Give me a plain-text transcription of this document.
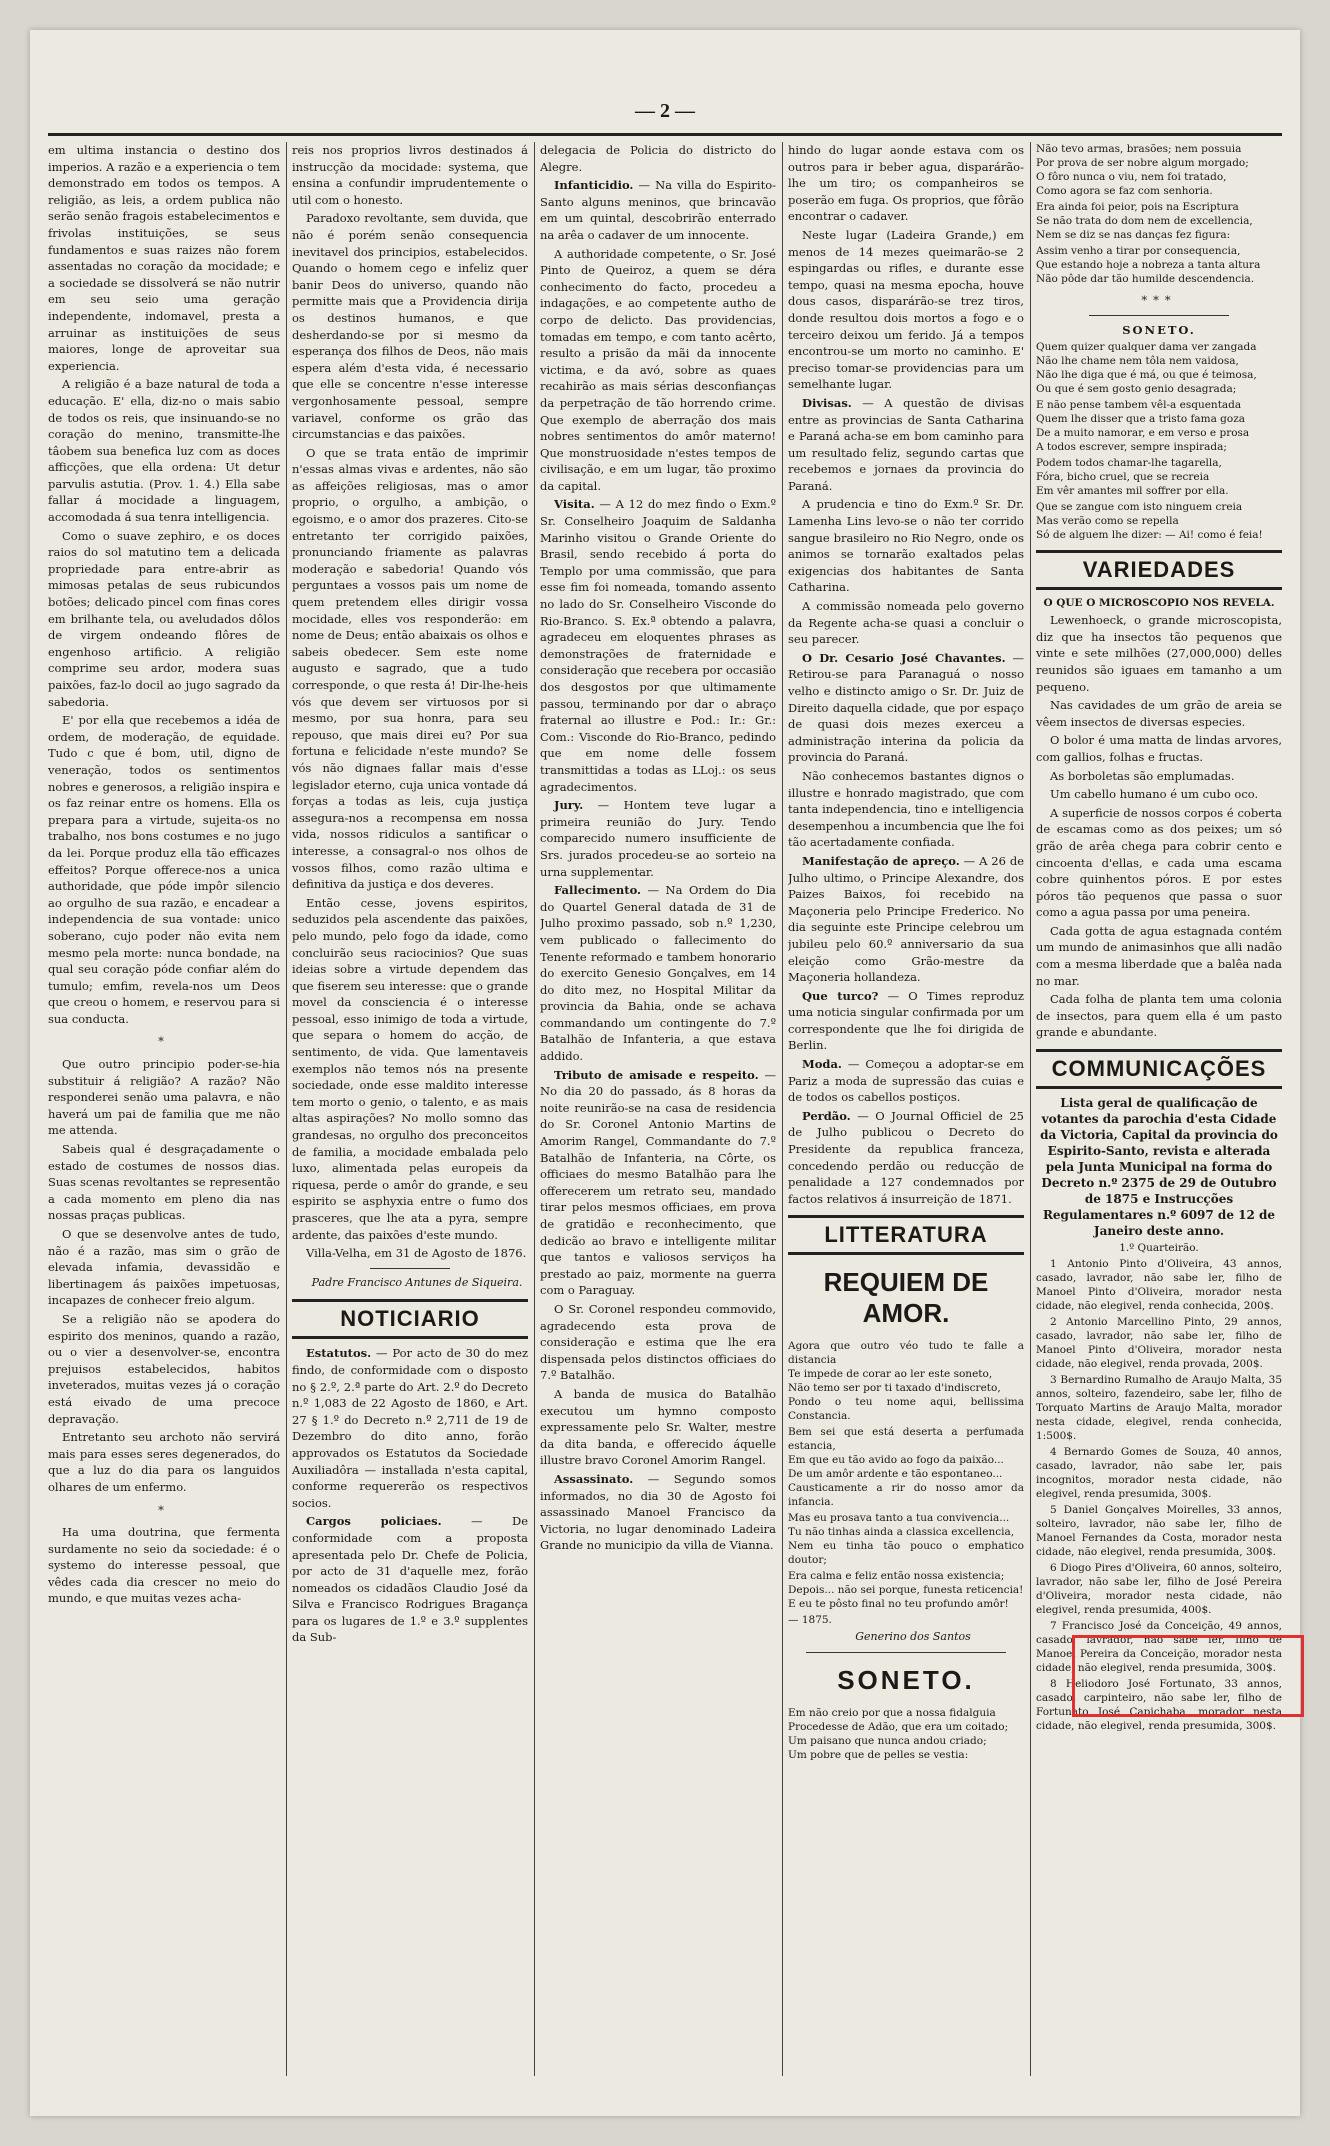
— 2 —

em ultima instancia o destino dos imperios. A razão e a experiencia o tem demonstrado em todos os tempos. A religião, as leis, a ordem publica não serão senão fragois estabelecimentos e frivolas instituições, se seus fundamentos e suas raizes não forem assentadas no coração da mocidade; e a sociedade se dissolverá se não nutrir em seu seio uma geração independente, indomavel, presta a arruinar as instituições de seus maiores, longe de aproveitar sua experiencia.

A religião é a baze natural de toda a educação. E' ella, diz-no o mais sabio de todos os reis, que insinuando-se no coração do menino, transmitte-lhe tâobem sua benefica luz com as doces afficções, que ella ordena: Ut detur parvulis astutia. (Prov. 1. 4.) Ella sabe fallar á mocidade a linguagem, accomodada á sua tenra intelligencia.

Como o suave zephiro, e os doces raios do sol matutino tem a delicada propriedade para entre-abrir as mimosas petalas de seus rubicundos botões; delicado pincel com finas cores em brilhante tela, ou aveludados dôlos de virgem ondeando flôres de engenhoso artificio. A religião comprime seu ardor, modera suas paixões, faz-lo docil ao jugo sagrado da sabedoria.

E' por ella que recebemos a idéa de ordem, de moderação, de equidade. Tudo c que é bom, util, digno de veneração, todos os sentimentos nobres e generosos, a religião inspira e os faz reinar entre os homens. Ella os prepara para a virtude, sujeita-os no trabalho, nos bons costumes e no jugo da lei. Porque produz ella tão efficazes effeitos? Porque offerece-nos a unica authoridade, que póde impôr silencio ao orgulho de sua razão, e encadear a independencia de sua vontade: unico soberano, cujo poder não evita nem mesmo pela morte: nunca bondade, na qual seu coração póde confiar além do tumulo; emfim, revela-nos um Deos que creou o homem, e reservou para si sua conducta.

*

Que outro principio poder-se-hia substituir á religião? A razão? Não responderei senão uma palavra, e não haverá um pai de familia que me não me attenda.

Sabeis qual é desgraçadamente o estado de costumes de nossos dias. Suas scenas revoltantes se representão a cada momento em pleno dia nas nossas praças publicas.

O que se desenvolve antes de tudo, não é a razão, mas sim o grão de elevada infamia, devassidão e libertinagem ás paixões impetuosas, incapazes de conhecer freio algum.

Se a religião não se apodera do espirito dos meninos, quando a razão, ou o vier a desenvolver-se, encontra prejuisos estabelecidos, habitos inveterados, muitas vezes já o coração está eivado de uma precoce depravação.

Entretanto seu archoto não servirá mais para esses seres degenerados, do que a luz do dia para os languidos olhares de um enfermo.

*

Ha uma doutrina, que fermenta surdamente no seio da sociedade: é o systemo do interesse pessoal, que vêdes cada dia crescer no meio do mundo, e que muitas vezes acha-

reis nos proprios livros destinados á instrucção da mocidade: systema, que ensina a confundir imprudentemente o util com o honesto.

Paradoxo revoltante, sem duvida, que não é porém senão consequencia inevitavel dos principios, estabelecidos. Quando o homem cego e infeliz quer banir Deos do universo, quando não permitte mais que a Providencia dirija os destinos humanos, e que desherdando-se por si mesmo da esperança dos filhos de Deos, não mais espera além d'esta vida, é necessario que elle se concentre n'esse interesse vergonhosamente pessoal, sempre variavel, conforme os grão das circumstancias e das paixões.

O que se trata então de imprimir n'essas almas vivas e ardentes, não são as affeições religiosas, mas o amor proprio, o orgulho, a ambição, o egoismo, e o amor dos prazeres. Cito-se entretanto ter corrigido paixões, pronunciando friamente as palavras moderação e sabedoria! Quando vós perguntaes a vossos pais um nome de quem pretendem elles dirigir vossa mocidade, elles vos responderão: em nome de Deus; então abaixais os olhos e sabeis obedecer. Sem este nome augusto e sagrado, que a tudo corresponde, o que resta á! Dir-lhe-heis vós que devem ser virtuosos por si mesmo, por sua honra, para seu repouso, que mais direi eu? Por sua fortuna e felicidade n'este mundo? Se vós não dignaes fallar mais d'esse legislador eterno, cuja unica vontade dá forças a todas as leis, cuja justiça assegura-nos a recompensa em nossa vida, nossos ridiculos a santificar o interesse, a consagral-o nos olhos de vossos filhos, como razão ultima e definitiva da justiça e dos deveres.

Então cesse, jovens espiritos, seduzidos pela ascendente das paixões, pelo mundo, pelo fogo da idade, como concluirão seus raciocinios? Que suas ideias sobre a virtude dependem das que fiserem seu interesse: que o grande movel da consciencia é o interesse pessoal, esso inimigo de toda a virtude, que separa o homem do acção, de sentimento, de vida. Que lamentaveis exemplos não temos nós na presente sociedade, onde esse maldito interesse tem morto o genio, o talento, e as mais altas aspirações? No mollo somno das grandesas, no orgulho dos preconceitos de familia, a mocidade embalada pelo luxo, alimentada pelas europeis da riquesa, perde o amôr do grande, e seu espirito se asphyxia entre o fumo dos prasceres, que lhe ata a pyra, sempre ardente, das paixões d'este mundo.

Villa-Velha, em 31 de Agosto de 1876.

Padre Francisco Antunes de Siqueira.

NOTICIARIO

Estatutos. — Por acto de 30 do mez findo, de conformidade com o disposto no § 2.º, 2.ª parte do Art. 2.º do Decreto n.º 1,083 de 22 Agosto de 1860, e Art. 27 § 1.º do Decreto n.º 2,711 de 19 de Dezembro do dito anno, forão approvados os Estatutos da Sociedade Auxiliadôra — installada n'esta capital, conforme requererão os respectivos socios.

Cargos policiaes. — De conformidade com a proposta apresentada pelo Dr. Chefe de Policia, por acto de 31 d'aquelle mez, forão nomeados os cidadãos Claudio José da Silva e Francisco Rodrigues Bragança para os lugares de 1.º e 3.º supplentes da Sub-

delegacia de Policia do districto do Alegre.

Infanticidio. — Na villa do Espirito-Santo alguns meninos, que brincavão em um quintal, descobrirão enterrado na arêa o cadaver de um innocente.

A authoridade competente, o Sr. José Pinto de Queiroz, a quem se déra conhecimento do facto, procedeu a indagações, e ao competente autho de corpo de delicto. Das providencias, tomadas em tempo, e com tanto acêrto, resulto a prisão da mãi da innocente victima, e da avó, sobre as quaes recahirão as mais sérias desconfianças da perpetração de tão horrendo crime. Que exemplo de aberração dos mais nobres sentimentos do amôr materno! Que monstruosidade n'estes tempos de civilisação, e em um lugar, tão proximo da capital.

Visita. — A 12 do mez findo o Exm.º Sr. Conselheiro Joaquim de Saldanha Marinho visitou o Grande Oriente do Brasil, sendo recebido á porta do Templo por uma commissão, que para esse fim foi nomeada, tomando assento no lado do Sr. Conselheiro Visconde do Rio-Branco. S. Ex.ª obtendo a palavra, agradeceu em eloquentes phrases as demonstrações de fraternidade e consideração que recebera por occasião dos desgostos por que ultimamente passou, terminando por dar o abraço fraternal ao illustre e Pod.: Ir.: Gr.: Com.: Visconde do Rio-Branco, pedindo que em nome delle fossem transmittidas a todas as LLoj.: os seus agradecimentos.

Jury. — Hontem teve lugar a primeira reunião do Jury. Tendo comparecido numero insufficiente de Srs. jurados procedeu-se ao sorteio na urna supplementar.

Fallecimento. — Na Ordem do Dia do Quartel General datada de 31 de Julho proximo passado, sob n.º 1,230, vem publicado o fallecimento do Tenente reformado e tambem honorario do exercito Genesio Gonçalves, em 14 do dito mez, no Hospital Militar da provincia da Bahia, onde se achava commandando um contingente do 7.º Batalhão de Infanteria, a que estava addido.

Tributo de amisade e respeito. — No dia 20 do passado, ás 8 horas da noite reunirão-se na casa de residencia do Sr. Coronel Antonio Martins de Amorim Rangel, Commandante do 7.º Batalhão de Infanteria, na Côrte, os officiaes do mesmo Batalhão para lhe offerecerem um retrato seu, mandado tirar pelos mesmos officiaes, em prova de gratidão e reconhecimento, que dedicão ao bravo e intelligente militar que tantos e valiosos serviços ha prestado ao paiz, mormente na guerra com o Paraguay.

O Sr. Coronel respondeu commovido, agradecendo esta prova de consideração e estima que lhe era dispensada pelos distinctos officiaes do 7.º Batalhão.

A banda de musica do Batalhão executou um hymno composto expressamente pelo Sr. Walter, mestre da dita banda, e offerecido áquelle illustre bravo Coronel Amorim Rangel.

Assassinato. — Segundo somos informados, no dia 30 de Agosto foi assassinado Manoel Francisco da Victoria, no lugar denominado Ladeira Grande no municipio da villa de Vianna.

hindo do lugar aonde estava com os outros para ir beber agua, disparárão-lhe um tiro; os companheiros se poserão em fuga. Os proprios, que fôrão encontrar o cadaver.

Neste lugar (Ladeira Grande,) em menos de 14 mezes queimarão-se 2 espingardas ou rifles, e durante esse tempo, quasi na mesma epocha, houve dous casos, disparárão-se trez tiros, donde resultou dois mortos a fogo e o terceiro deixou um ferido. Já a tempos encontrou-se um morto no caminho. E' preciso tomar-se providencias para um semelhante lugar.

Divisas. — A questão de divisas entre as provincias de Santa Catharina e Paraná acha-se em bom caminho para um resultado feliz, segundo cartas que recebemos e jornaes da provincia do Paraná.

A prudencia e tino do Exm.º Sr. Dr. Lamenha Lins levo-se o não ter corrido sangue brasileiro no Rio Negro, onde os animos se tornarão exaltados pelas exigencias dos habitantes de Santa Catharina.

A commissão nomeada pelo governo da Regente acha-se quasi a concluir o seu parecer.

O Dr. Cesario José Chavantes. — Retirou-se para Paranaguá o nosso velho e distincto amigo o Sr. Dr. Juiz de Direito daquella cidade, que por espaço de quasi dois mezes exerceu a administração interina da policia da provincia do Paraná.

Não conhecemos bastantes dignos o illustre e honrado magistrado, que com tanta independencia, tino e intelligencia desempenhou a incumbencia que lhe foi tão acertadamente confiada.

Manifestação de apreço. — A 26 de Julho ultimo, o Principe Alexandre, dos Paizes Baixos, foi recebido na Maçoneria pelo Principe Frederico. No dia seguinte este Principe celebrou um jubileu pelo 60.º anniversario da sua eleição como Grão-mestre da Maçoneria hollandeza.

Que turco? — O Times reproduz uma noticia singular confirmada por um correspondente que lhe foi dirigida de Berlin.

Moda. — Começou a adoptar-se em Pariz a moda de supressão das cuias e de todos os cabellos postiços.

Perdão. — O Journal Officiel de 25 de Julho publicou o Decreto do Presidente da republica franceza, concedendo perdão ou reducção de penalidade a 127 condemnados por factos relativos á insurreição de 1871.

LITTERATURA
REQUIEM DE AMOR.

Agora que outro véo tudo te falle a distancia
Te impede de corar ao ler este soneto,
Não temo ser por ti taxado d'indiscreto,
Pondo o teu nome aqui, bellissima Constancia.

Bem sei que está deserta a perfumada estancia,
Em que eu tão avido ao fogo da paixão...
De um amôr ardente e tão espontaneo...
Causticamente a rir do nosso amor da infancia.

Mas eu prosava tanto a tua convivencia...
Tu não tinhas ainda a classica excellencia,
Nem eu tinha tão pouco o emphatico doutor;

Era calma e feliz então nossa existencia;
Depois... não sei porque, funesta reticencia!
E eu te pôsto final no teu profundo amôr!

— 1875.

Generino dos Santos

SONETO.

Em não creio por que a nossa fidalguia
Procedesse de Adão, que era um coitado;
Um paisano que nunca andou criado;
Um pobre que de pelles se vestia:

Não tevo armas, brasões; nem possuia
Por prova de ser nobre algum morgado;
O fôro nunca o viu, nem foi tratado,
Como agora se faz com senhoria.

Era ainda foi peior, pois na Escriptura
Se não trata do dom nem de excellencia,
Nem se diz se nas danças fez figura:

Assim venho a tirar por consequencia,
Que estando hoje a nobreza a tanta altura
Não pôde dar tão humilde descendencia.

***

SONETO.

Quem quizer qualquer dama ver zangada
Não lhe chame nem tôla nem vaidosa,
Não lhe diga que é má, ou que é teimosa,
Ou que é sem gosto genio desagrada;

E não pense tambem vêl-a esquentada
Quem lhe disser que a tristo fama goza
De a muito namorar, e em verso e prosa
A todos escrever, sempre inspirada;

Podem todos chamar-lhe tagarella,
Fóra, bicho cruel, que se recreia
Em vêr amantes mil soffrer por ella.

Que se zangue com isto ninguem creia
Mas verão como se repella
Só de alguem lhe dizer: — Ai! como é feia!

VARIEDADES

O QUE O MICROSCOPIO NOS REVELA.

Lewenhoeck, o grande microscopista, diz que ha insectos tão pequenos que vinte e sete milhões (27,000,000) delles reunidos são iguaes em tamanho a um pequeno.

Nas cavidades de um grão de areia se vêem insectos de diversas especies.

O bolor é uma matta de lindas arvores, com gallios, folhas e fructas.

As borboletas são emplumadas.

Um cabello humano é um cubo oco.

A superficie de nossos corpos é coberta de escamas como as dos peixes; um só grão de arêa chega para cobrir cento e cincoenta d'ellas, e cada uma escama cobre quinhentos póros. E por estes póros tão pequenos que passa o suor como a agua passa por uma peneira.

Cada gotta de agua estagnada contém um mundo de animasinhos que alli nadão com a mesma liberdade que a balêa nada no mar.

Cada folha de planta tem uma colonia de insectos, para quem ella é um pasto grande e abundante.

COMMUNICAÇÕES

Lista geral de qualificação de votantes da parochia d'esta Cidade da Victoria, Capital da provincia do Espirito-Santo, revista e alterada pela Junta Municipal na forma do Decreto n.º 2375 de 29 de Outubro de 1875 e Instrucções Regulamentares n.º 6097 de 12 de Janeiro deste anno.

1.º Quarteirão.

1 Antonio Pinto d'Oliveira, 43 annos, casado, lavrador, não sabe ler, filho de Manoel Pinto d'Oliveira, morador nesta cidade, não elegivel, renda conhecida, 200$.

2 Antonio Marcellino Pinto, 29 annos, casado, lavrador, não sabe ler, filho de Manoel Pinto d'Oliveira, morador nesta cidade, não elegivel, renda provada, 200$.

3 Bernardino Rumalho de Araujo Malta, 35 annos, solteiro, fazendeiro, sabe ler, filho de Torquato Martins de Araujo Malta, morador nesta cidade, elegivel, renda conhecida, 1:500$.

4 Bernardo Gomes de Souza, 40 annos, casado, lavrador, não sabe ler, pais incognitos, morador nesta cidade, não elegivel, renda presumida, 300$.

5 Daniel Gonçalves Moirelles, 33 annos, solteiro, lavrador, não sabe ler, filho de Manoel Fernandes da Costa, morador nesta cidade, não elegivel, renda presumida, 300$.

6 Diogo Pires d'Oliveira, 60 annos, solteiro, lavrador, não sabe ler, filho de José Pereira d'Oliveira, morador nesta cidade, não elegivel, renda presumida, 400$.

7 Francisco José da Conceição, 49 annos, casado, lavrador, não sabe ler, filho de Manoel Pereira da Conceição, morador nesta cidade, não elegivel, renda presumida, 300$.

8 Heliodoro José Fortunato, 33 annos, casado, carpinteiro, não sabe ler, filho de Fortunato José Capichaba, morador nesta cidade, não elegivel, renda presumida, 300$.
